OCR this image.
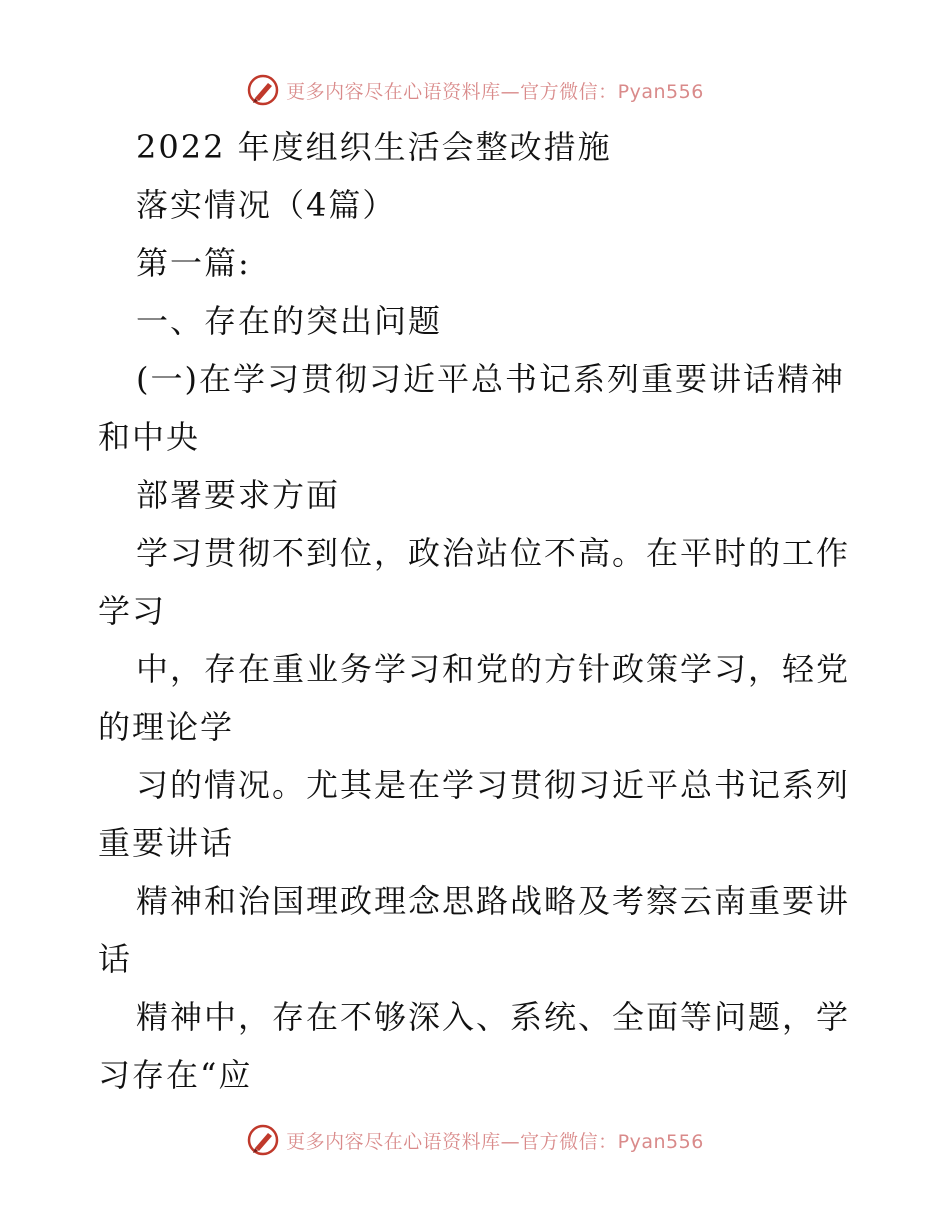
更多内容尽在心语资料库—官方微信：Pyan556
2022 年度组织生活会整改措施
落实情况（4篇）
第一篇:
一、存在的突出问题
(一)在学习贯彻习近平总书记系列重要讲话精神
和中央
部署要求方面
学习贯彻不到位，政治站位不高。在平时的工作
学习
中，存在重业务学习和党的方针政策学习，轻党
的理论学
习的情况。尤其是在学习贯彻习近平总书记系列
重要讲话
精神和治国理政理念思路战略及考察云南重要讲
话
精神中，存在不够深入、系统、全面等问题，学
习存在“应
更多内容尽在心语资料库—官方微信：Pyan556
